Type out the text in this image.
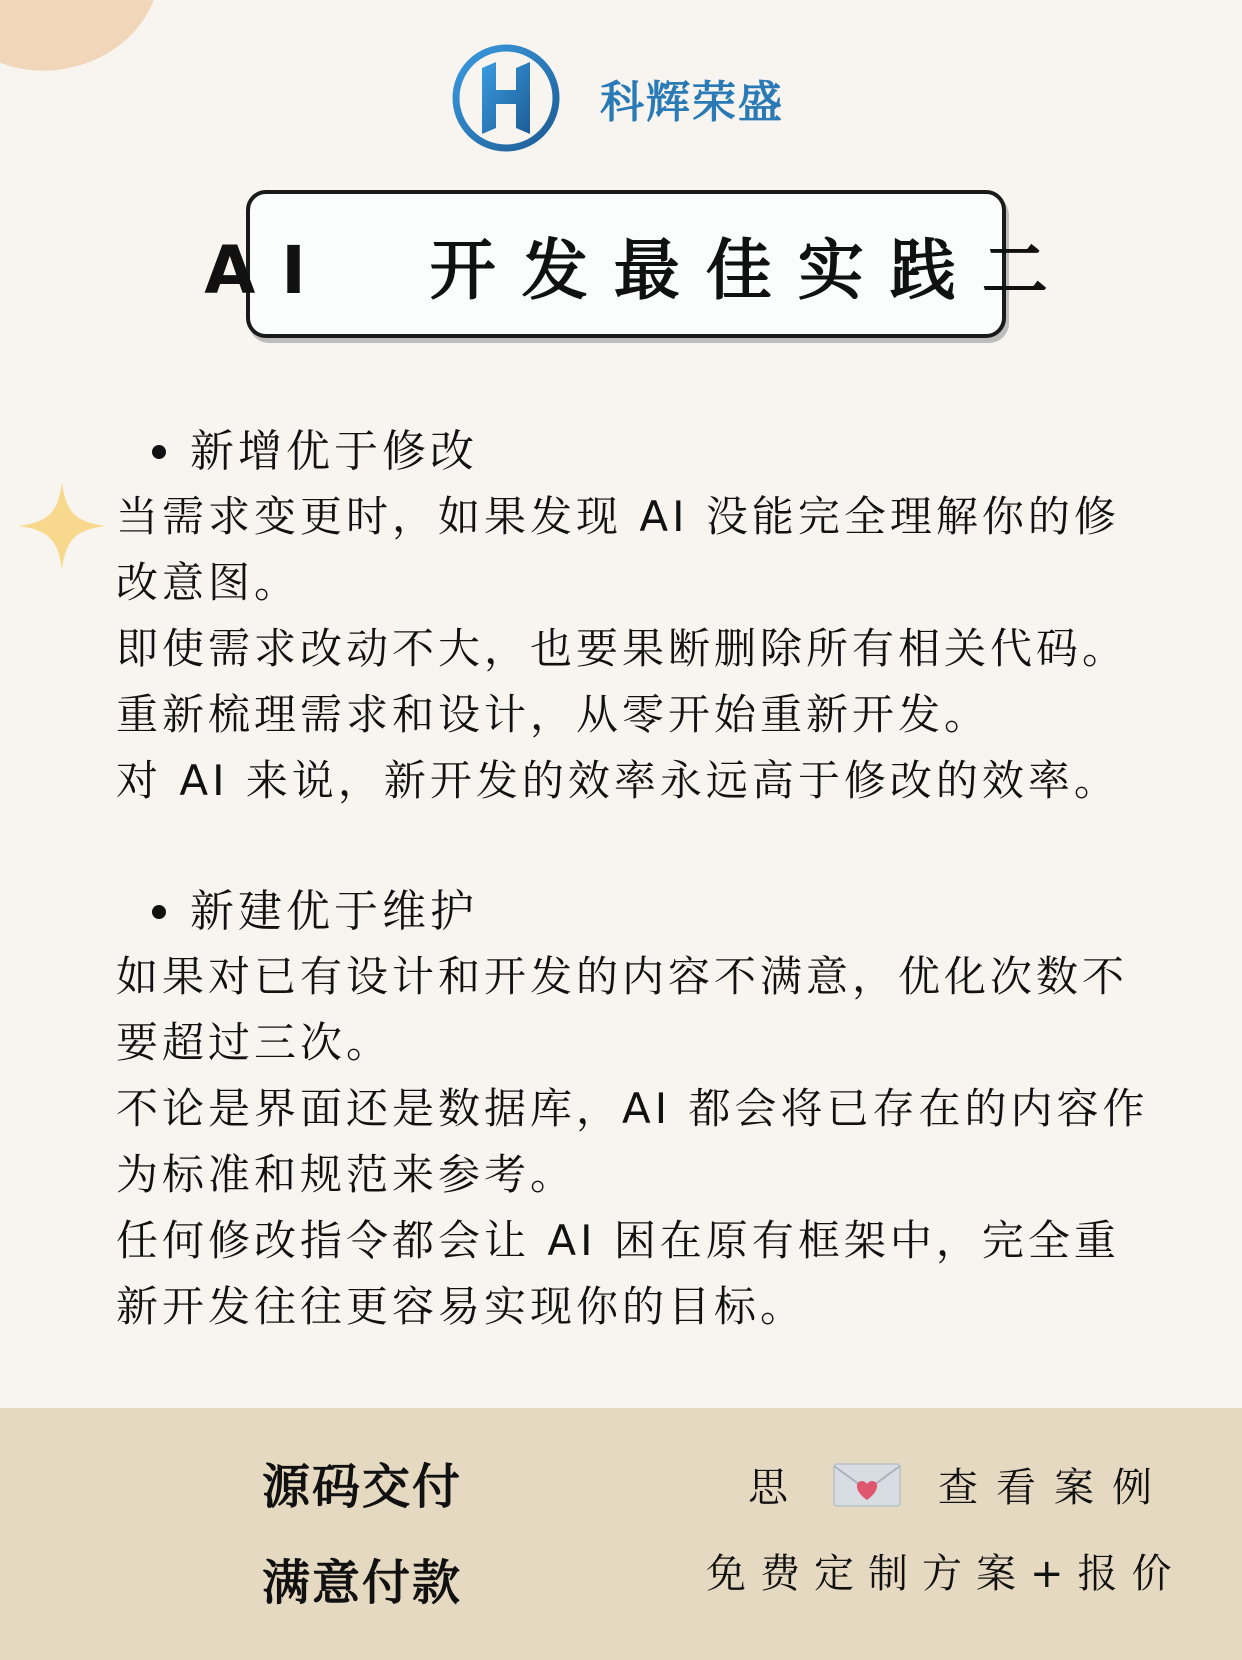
科辉荣盛
AI  开发最佳实践二
新增优于修改

当需求变更时，如果发现 AI 没能完全理解你的修改意图。

即使需求改动不大，也要果断删除所有相关代码。

重新梳理需求和设计，从零开始重新开发。

对 AI 来说，新开发的效率永远高于修改的效率。

新建优于维护

如果对已有设计和开发的内容不满意，优化次数不要超过三次。

不论是界面还是数据库，AI 都会将已存在的内容作为标准和规范来参考。

任何修改指令都会让 AI 困在原有框架中，完全重新开发往往更容易实现你的目标。

源码交付
满意付款
思	查看案例
免费定制方案+报价
